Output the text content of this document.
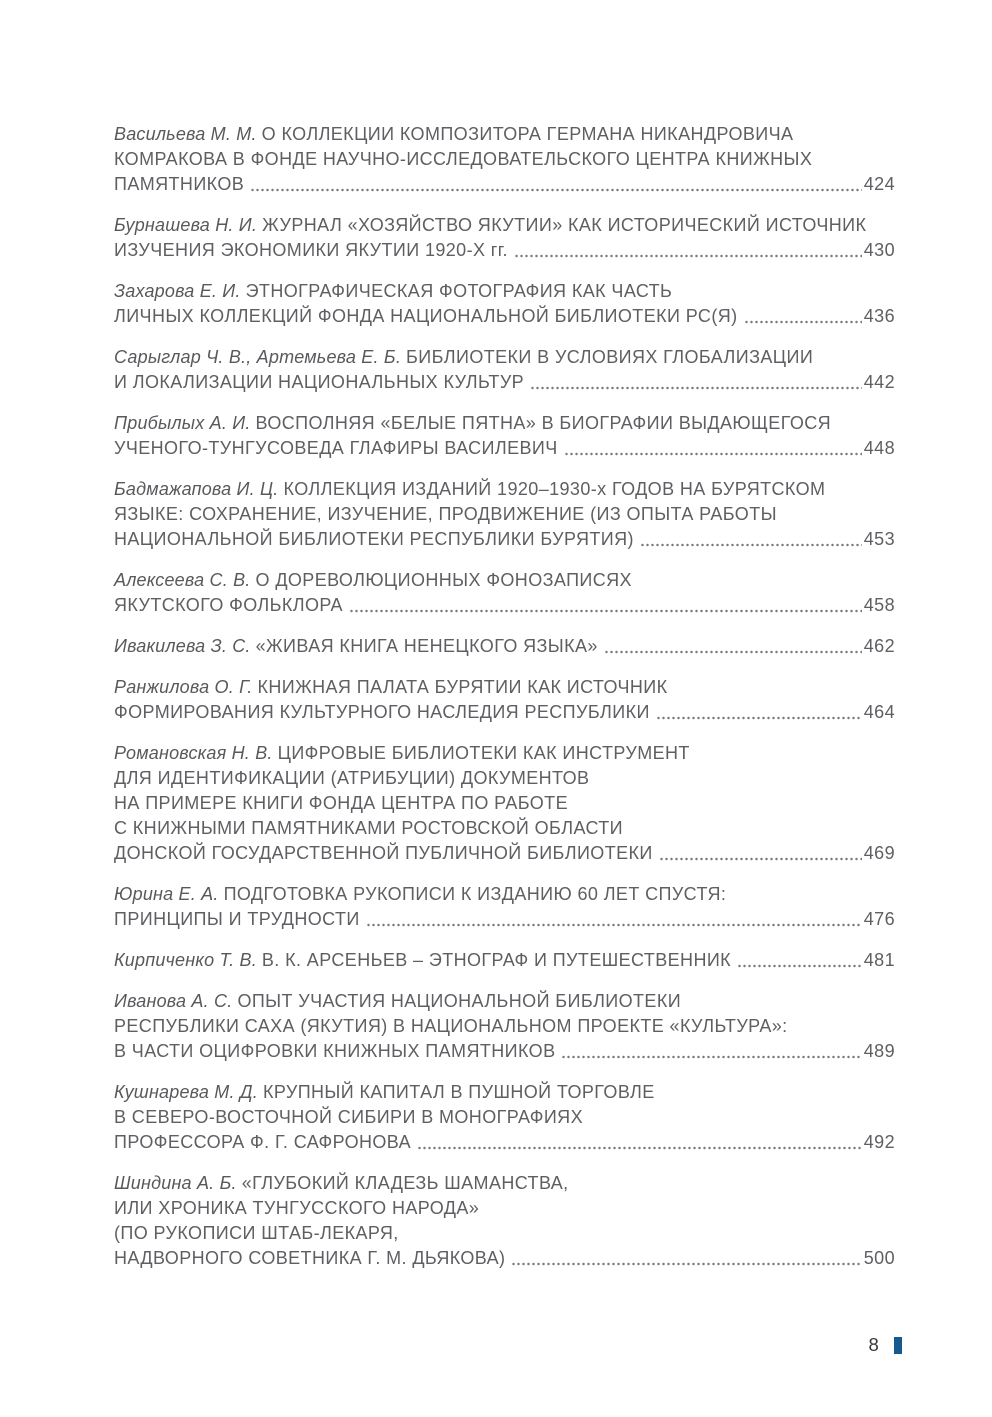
Васильева М. М. О КОЛЛЕКЦИИ КОМПОЗИТОРА ГЕРМАНА НИКАНДРОВИЧА
КОМРАКОВА В ФОНДЕ НАУЧНО-ИССЛЕДОВАТЕЛЬСКОГО ЦЕНТРА КНИЖНЫХ
ПАМЯТНИКОВ	424
Бурнашева Н. И. ЖУРНАЛ «ХОЗЯЙСТВО ЯКУТИИ» КАК ИСТОРИЧЕСКИЙ ИСТОЧНИК
ИЗУЧЕНИЯ ЭКОНОМИКИ ЯКУТИИ 1920-Х гг.	430
Захарова Е. И. ЭТНОГРАФИЧЕСКАЯ ФОТОГРАФИЯ КАК ЧАСТЬ
ЛИЧНЫХ КОЛЛЕКЦИЙ ФОНДА НАЦИОНАЛЬНОЙ БИБЛИОТЕКИ РС(Я)	436
Сарыглар Ч. В., Артемьева Е. Б. БИБЛИОТЕКИ В УСЛОВИЯХ ГЛОБАЛИЗАЦИИ
И ЛОКАЛИЗАЦИИ НАЦИОНАЛЬНЫХ КУЛЬТУР	442
Прибылых А. И. ВОСПОЛНЯЯ «БЕЛЫЕ ПЯТНА» В БИОГРАФИИ ВЫДАЮЩЕГОСЯ
УЧЕНОГО-ТУНГУСОВЕДА ГЛАФИРЫ ВАСИЛЕВИЧ	448
Бадмажапова И. Ц. КОЛЛЕКЦИЯ ИЗДАНИЙ 1920–1930-х ГОДОВ НА БУРЯТСКОМ
ЯЗЫКЕ: СОХРАНЕНИЕ, ИЗУЧЕНИЕ, ПРОДВИЖЕНИЕ (ИЗ ОПЫТА РАБОТЫ
НАЦИОНАЛЬНОЙ БИБЛИОТЕКИ РЕСПУБЛИКИ БУРЯТИЯ)	453
Алексеева С. В. О ДОРЕВОЛЮЦИОННЫХ ФОНОЗАПИСЯХ
ЯКУТСКОГО ФОЛЬКЛОРА	458
Ивакилева З. С. «ЖИВАЯ КНИГА НЕНЕЦКОГО ЯЗЫКА»	462
Ранжилова О. Г. КНИЖНАЯ ПАЛАТА БУРЯТИИ КАК ИСТОЧНИК
ФОРМИРОВАНИЯ КУЛЬТУРНОГО НАСЛЕДИЯ РЕСПУБЛИКИ	464
Романовская Н. В. ЦИФРОВЫЕ БИБЛИОТЕКИ КАК ИНСТРУМЕНТ
ДЛЯ ИДЕНТИФИКАЦИИ (АТРИБУЦИИ) ДОКУМЕНТОВ
НА ПРИМЕРЕ КНИГИ ФОНДА ЦЕНТРА ПО РАБОТЕ
С КНИЖНЫМИ ПАМЯТНИКАМИ РОСТОВСКОЙ ОБЛАСТИ
ДОНСКОЙ ГОСУДАРСТВЕННОЙ ПУБЛИЧНОЙ БИБЛИОТЕКИ	469
Юрина Е. А. ПОДГОТОВКА РУКОПИСИ К ИЗДАНИЮ 60 ЛЕТ СПУСТЯ:
ПРИНЦИПЫ И ТРУДНОСТИ	476
Кирпиченко Т. В. В. К. АРСЕНЬЕВ – ЭТНОГРАФ И ПУТЕШЕСТВЕННИК	481
Иванова А. С. ОПЫТ УЧАСТИЯ НАЦИОНАЛЬНОЙ БИБЛИОТЕКИ
РЕСПУБЛИКИ САХА (ЯКУТИЯ) В НАЦИОНАЛЬНОМ ПРОЕКТЕ «КУЛЬТУРА»:
В ЧАСТИ ОЦИФРОВКИ КНИЖНЫХ ПАМЯТНИКОВ	489
Кушнарева М. Д. КРУПНЫЙ КАПИТАЛ В ПУШНОЙ ТОРГОВЛЕ
В СЕВЕРО-ВОСТОЧНОЙ СИБИРИ В МОНОГРАФИЯХ
ПРОФЕССОРА Ф. Г. САФРОНОВА	492
Шиндина А. Б. «ГЛУБОКИЙ КЛАДЕЗЬ ШАМАНСТВА,
ИЛИ ХРОНИКА ТУНГУССКОГО НАРОДА»
(ПО РУКОПИСИ ШТАБ-ЛЕКАРЯ,
НАДВОРНОГО СОВЕТНИКА Г. М. ДЬЯКОВА)	500
8
